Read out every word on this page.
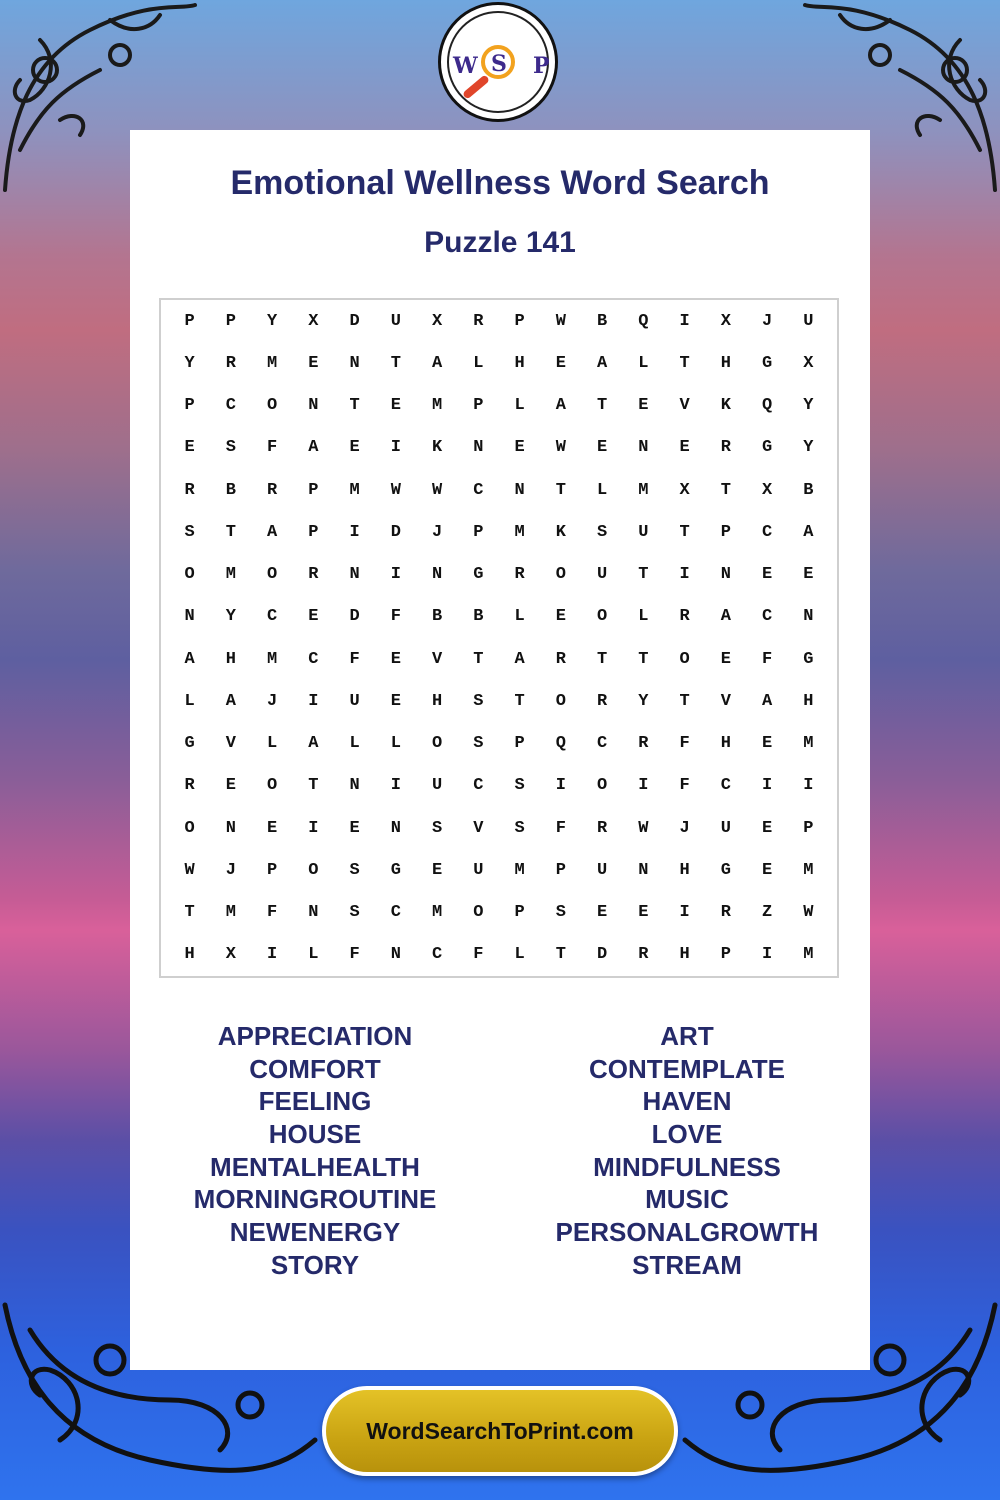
Emotional Wellness Word Search
Puzzle 141
P	P	Y	X	D	U	X	R	P	W	B	Q	I	X	J	U
Y	R	M	E	N	T	A	L	H	E	A	L	T	H	G	X
P	C	O	N	T	E	M	P	L	A	T	E	V	K	Q	Y
E	S	F	A	E	I	K	N	E	W	E	N	E	R	G	Y
R	B	R	P	M	W	W	C	N	T	L	M	X	T	X	B
S	T	A	P	I	D	J	P	M	K	S	U	T	P	C	A
O	M	O	R	N	I	N	G	R	O	U	T	I	N	E	E
N	Y	C	E	D	F	B	B	L	E	O	L	R	A	C	N
A	H	M	C	F	E	V	T	A	R	T	T	O	E	F	G
L	A	J	I	U	E	H	S	T	O	R	Y	T	V	A	H
G	V	L	A	L	L	O	S	P	Q	C	R	F	H	E	M
R	E	O	T	N	I	U	C	S	I	O	I	F	C	I	I
O	N	E	I	E	N	S	V	S	F	R	W	J	U	E	P
W	J	P	O	S	G	E	U	M	P	U	N	H	G	E	M
T	M	F	N	S	C	M	O	P	S	E	E	I	R	Z	W
H	X	I	L	F	N	C	F	L	T	D	R	H	P	I	M
APPRECIATION
COMFORT
FEELING
HOUSE
MENTALHEALTH
MORNINGROUTINE
NEWENERGY
STORY
ART
CONTEMPLATE
HAVEN
LOVE
MINDFULNESS
MUSIC
PERSONALGROWTH
STREAM
W S P
WordSearchToPrint.com
